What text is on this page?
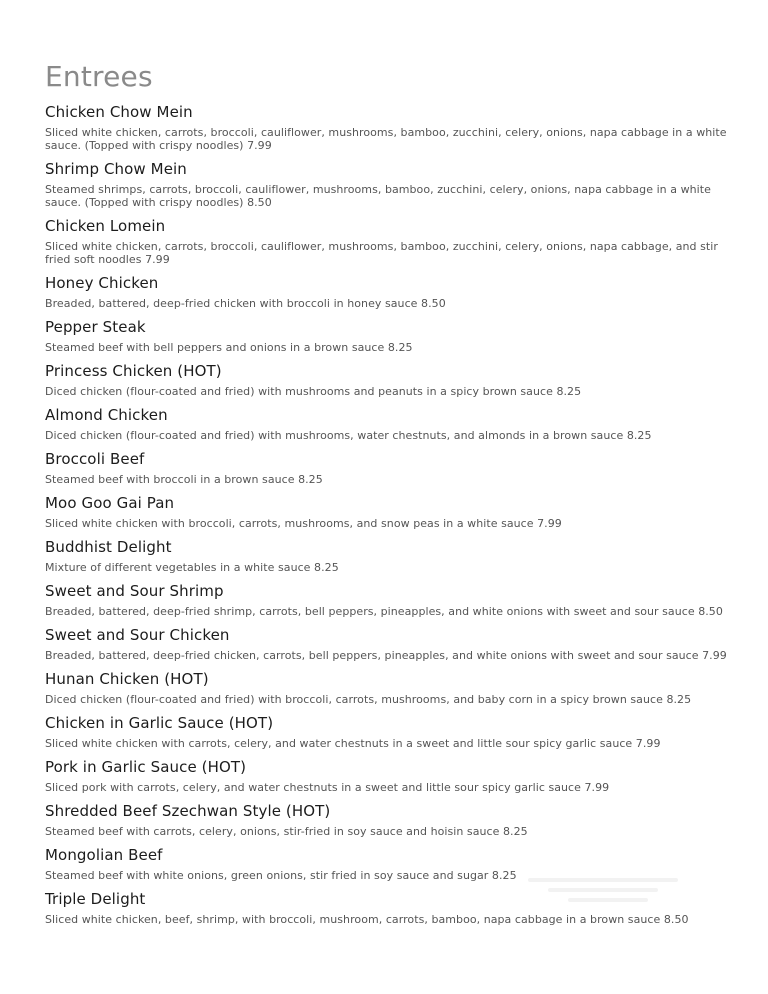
Entrees
Chicken Chow Mein

Sliced white chicken, carrots, broccoli, cauliflower, mushrooms, bamboo, zucchini, celery, onions, napa cabbage in a white sauce. (Topped with crispy noodles) 7.99

Shrimp Chow Mein

Steamed shrimps, carrots, broccoli, cauliflower, mushrooms, bamboo, zucchini, celery, onions, napa cabbage in a white sauce. (Topped with crispy noodles) 8.50

Chicken Lomein

Sliced white chicken, carrots, broccoli, cauliflower, mushrooms, bamboo, zucchini, celery, onions, napa cabbage, and stir fried soft noodles 7.99

Honey Chicken

Breaded, battered, deep-fried chicken with broccoli in honey sauce 8.50

Pepper Steak

Steamed beef with bell peppers and onions in a brown sauce 8.25

Princess Chicken (HOT)

Diced chicken (flour-coated and fried) with mushrooms and peanuts in a spicy brown sauce 8.25

Almond Chicken

Diced chicken (flour-coated and fried) with mushrooms, water chestnuts, and almonds in a brown sauce 8.25

Broccoli Beef

Steamed beef with broccoli in a brown sauce 8.25

Moo Goo Gai Pan

Sliced white chicken with broccoli, carrots, mushrooms, and snow peas in a white sauce 7.99

Buddhist Delight

Mixture of different vegetables in a white sauce 8.25

Sweet and Sour Shrimp

Breaded, battered, deep-fried shrimp, carrots, bell peppers, pineapples, and white onions with sweet and sour sauce 8.50

Sweet and Sour Chicken

Breaded, battered, deep-fried chicken, carrots, bell peppers, pineapples, and white onions with sweet and sour sauce 7.99

Hunan Chicken (HOT)

Diced chicken (flour-coated and fried) with broccoli, carrots, mushrooms, and baby corn in a spicy brown sauce 8.25

Chicken in Garlic Sauce (HOT)

Sliced white chicken with carrots, celery, and water chestnuts in a sweet and little sour spicy garlic sauce 7.99

Pork in Garlic Sauce (HOT)

Sliced pork with carrots, celery, and water chestnuts in a sweet and little sour spicy garlic sauce 7.99

Shredded Beef Szechwan Style (HOT)

Steamed beef with carrots, celery, onions, stir-fried in soy sauce and hoisin sauce 8.25

Mongolian Beef

Steamed beef with white onions, green onions, stir fried in soy sauce and sugar 8.25

Triple Delight

Sliced white chicken, beef, shrimp, with broccoli, mushroom, carrots, bamboo, napa cabbage in a brown sauce 8.50
